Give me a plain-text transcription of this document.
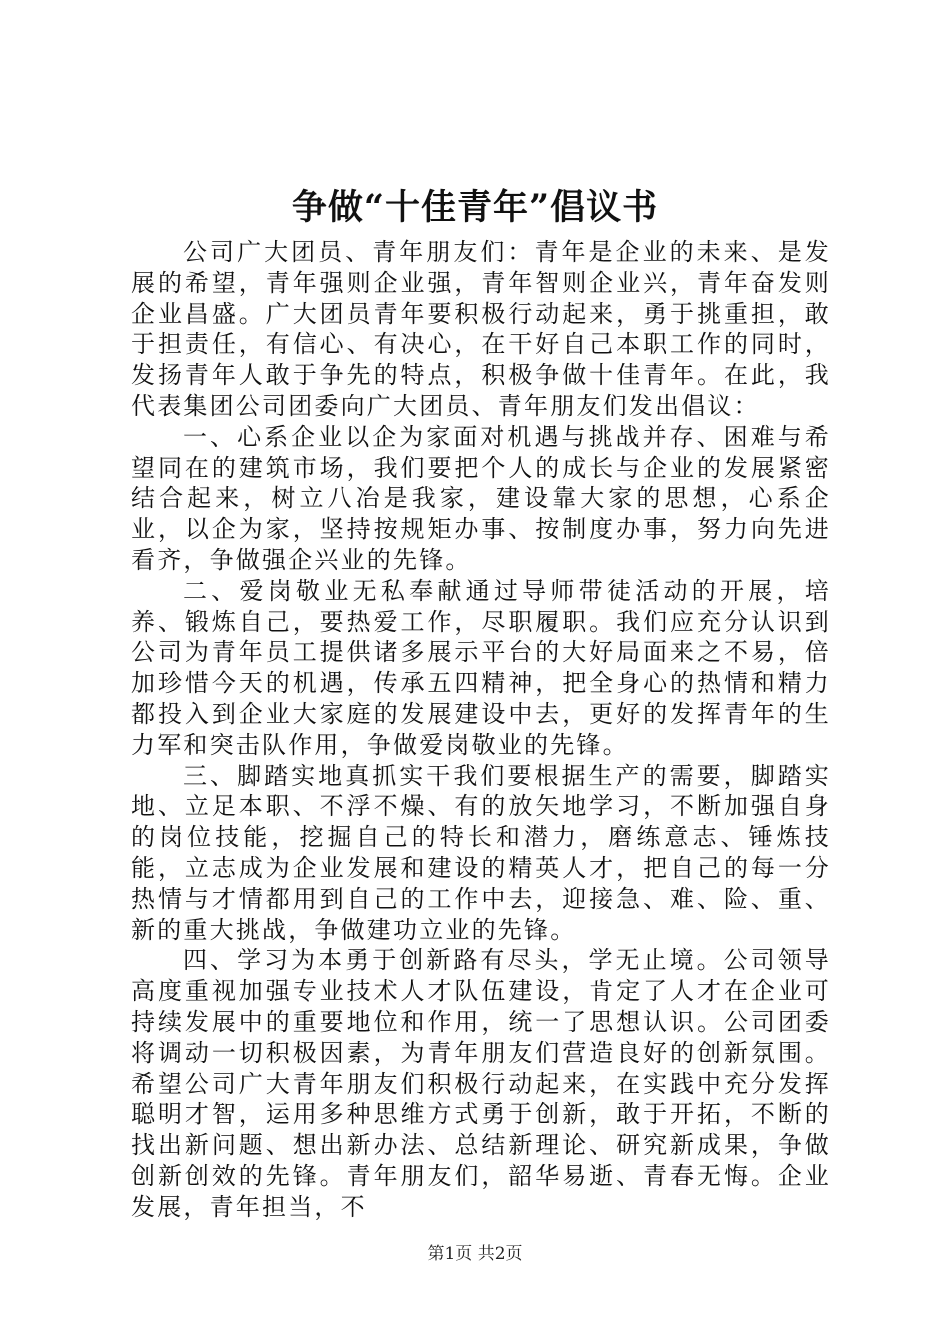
争做“十佳青年”倡议书

公司广大团员、青年朋友们：青年是企业的未来、是发展的希望，青年强则企业强，青年智则企业兴，青年奋发则企业昌盛。广大团员青年要积极行动起来，勇于挑重担，敢于担责任，有信心、有决心，在干好自己本职工作的同时，发扬青年人敢于争先的特点，积极争做十佳青年。在此，我代表集团公司团委向广大团员、青年朋友们发出倡议：

一、心系企业以企为家面对机遇与挑战并存、困难与希望同在的建筑市场，我们要把个人的成长与企业的发展紧密结合起来，树立八冶是我家，建设靠大家的思想，心系企业，以企为家，坚持按规矩办事、按制度办事，努力向先进看齐，争做强企兴业的先锋。

二、爱岗敬业无私奉献通过导师带徒活动的开展，培养、锻炼自己，要热爱工作，尽职履职。我们应充分认识到公司为青年员工提供诸多展示平台的大好局面来之不易，倍加珍惜今天的机遇，传承五四精神，把全身心的热情和精力都投入到企业大家庭的发展建设中去，更好的发挥青年的生力军和突击队作用，争做爱岗敬业的先锋。

三、脚踏实地真抓实干我们要根据生产的需要，脚踏实地、立足本职、不浮不燥、有的放矢地学习，不断加强自身的岗位技能，挖掘自己的特长和潜力，磨练意志、锤炼技能，立志成为企业发展和建设的精英人才，把自己的每一分热情与才情都用到自己的工作中去，迎接急、难、险、重、新的重大挑战，争做建功立业的先锋。

四、学习为本勇于创新路有尽头，学无止境。公司领导高度重视加强专业技术人才队伍建设，肯定了人才在企业可持续发展中的重要地位和作用，统一了思想认识。公司团委将调动一切积极因素，为青年朋友们营造良好的创新氛围。希望公司广大青年朋友们积极行动起来，在实践中充分发挥聪明才智，运用多种思维方式勇于创新，敢于开拓，不断的找出新问题、想出新办法、总结新理论、研究新成果，争做创新创效的先锋。青年朋友们，韶华易逝、青春无悔。企业发展，青年担当，不

第1页 共2页
